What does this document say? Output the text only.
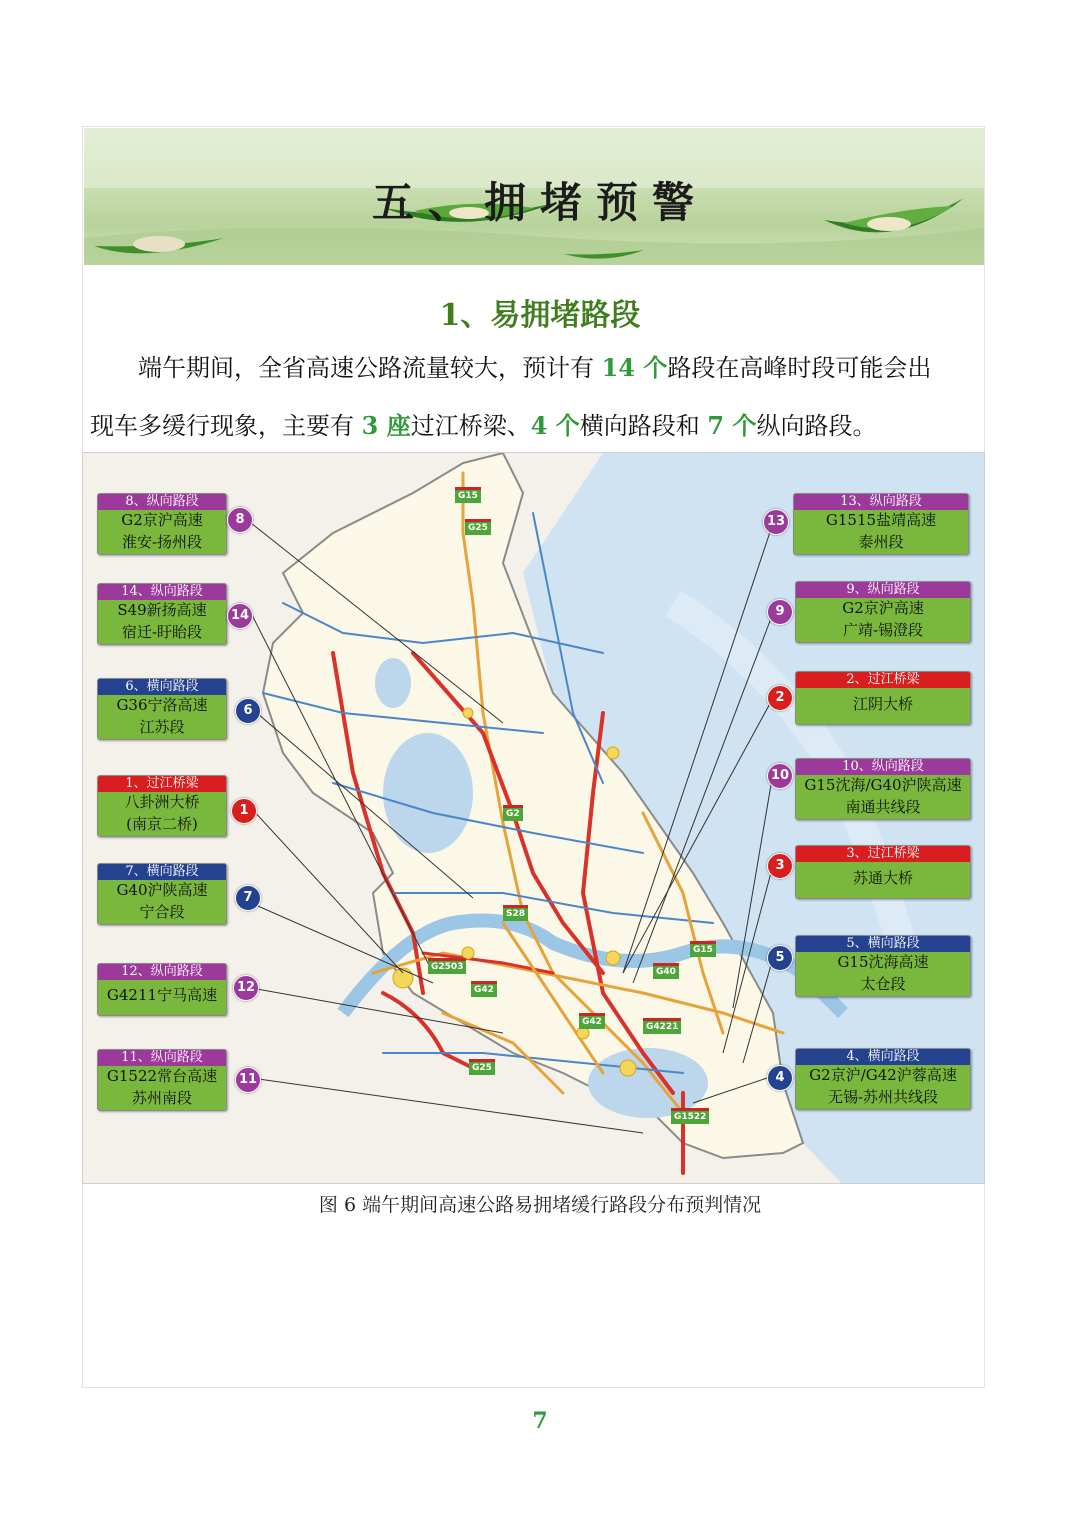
五、拥堵预警
1、易拥堵路段
端午期间，全省高速公路流量较大，预计有 14 个路段在高峰时段可能会出
现车多缓行现象，主要有 3 座过江桥梁、4 个横向路段和 7 个纵向路段。
G15
G25
G2
S28
G15
G40
G2503
G42
G42	G4221
G25
G1522
8、纵向路段
G2京沪高速
淮安-扬州段
8
14、纵向路段
S49新扬高速
宿迁-盱眙段
14
6、横向路段
G36宁洛高速
江苏段
6
1、过江桥梁
八卦洲大桥
(南京二桥)
1
7、横向路段
G40沪陕高速
宁合段
7
12、纵向路段
G4211宁马高速	12
11、纵向路段
G1522常台高速
苏州南段
11
13
13、纵向路段
G1515盐靖高速
泰州段
9
9、纵向路段
G2京沪高速
广靖-锡澄段
2
2、过江桥梁
江阴大桥
10
10、纵向路段
G15沈海/G40沪陕高速
南通共线段
3
3、过江桥梁
苏通大桥
5
5、横向路段
G15沈海高速
太仓段
4
4、横向路段
G2京沪/G42沪蓉高速
无锡-苏州共线段
图 6 端午期间高速公路易拥堵缓行路段分布预判情况
7
